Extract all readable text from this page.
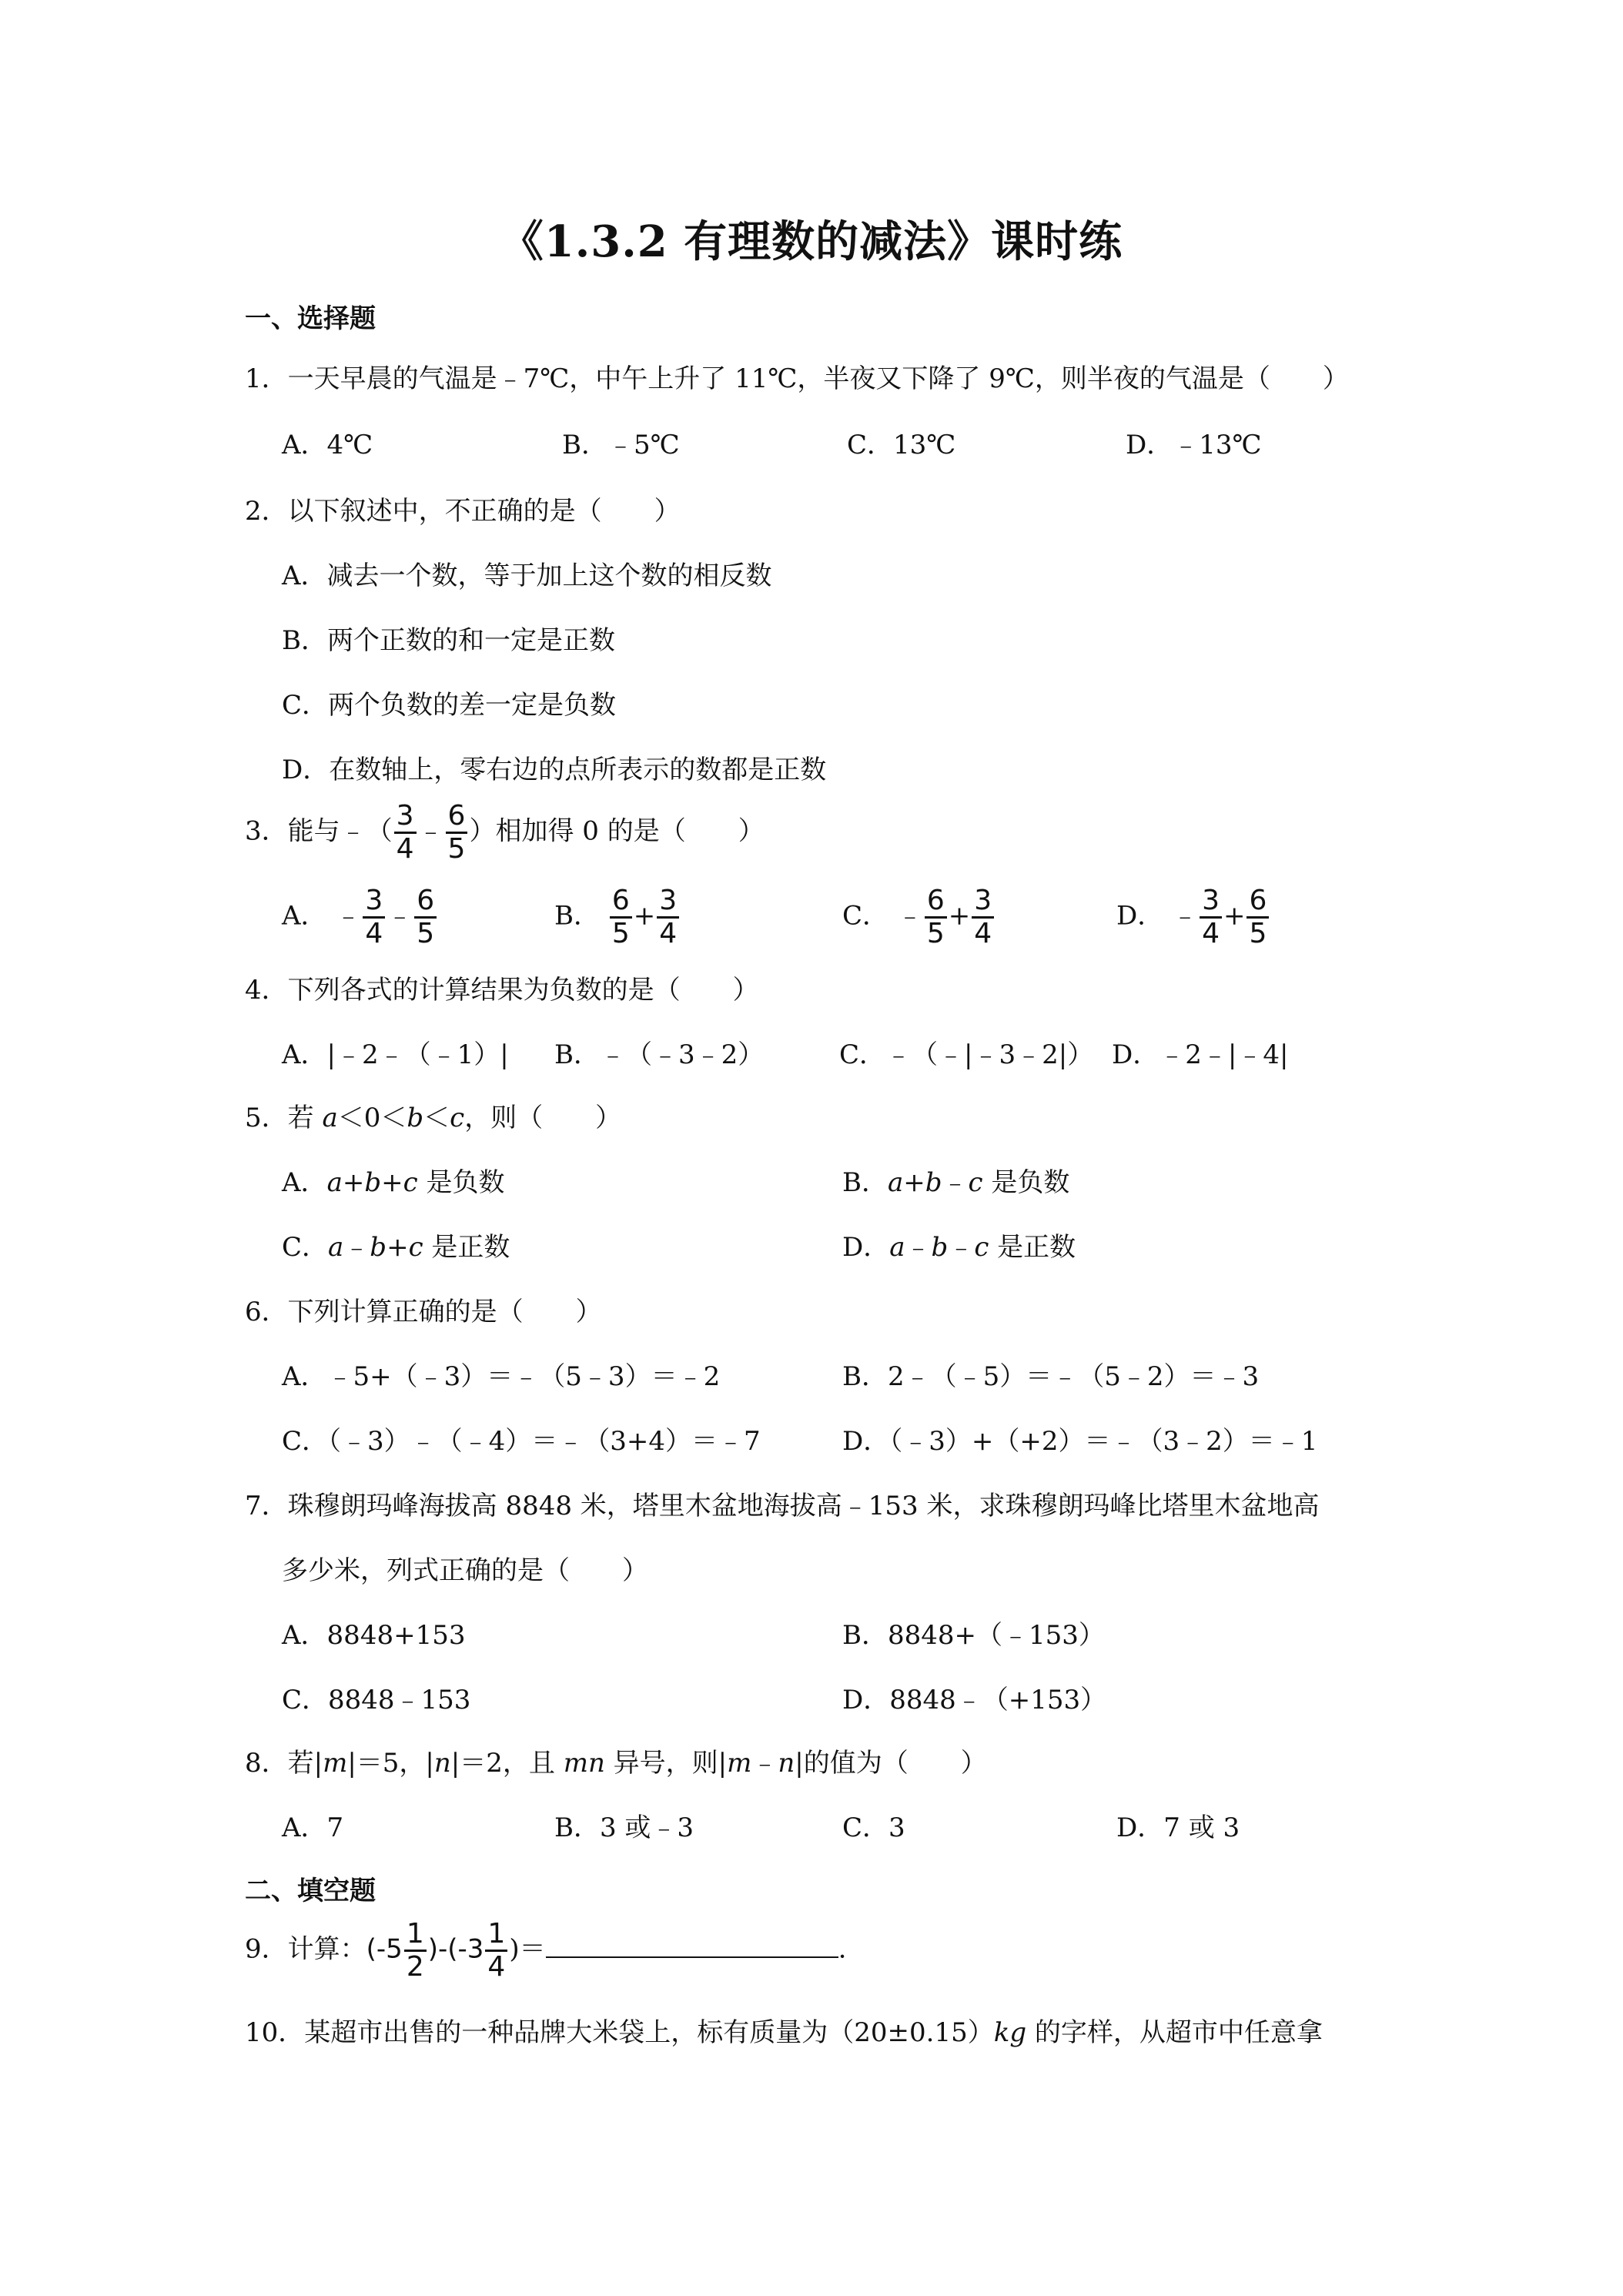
《1.3.2 有理数的减法》课时练
一、选择题
1．一天早晨的气温是﹣7℃，中午上升了 11℃，半夜又下降了 9℃，则半夜的气温是（　　）
A．4℃	B．﹣5℃	C．13℃	D．﹣13℃
2．以下叙述中，不正确的是（　　）
A．减去一个数，等于加上这个数的相反数
B．两个正数的和一定是正数
C．两个负数的差一定是负数
D．在数轴上，零右边的点所表示的数都是正数
3．能与﹣（ $\frac{3}{4}$ ﹣ $\frac{6}{5}$ ）相加得 0 的是（　　）
A． ﹣ $\frac{3}{4}$ ﹣ $\frac{6}{5}$	B． $\frac{6}{5} + \frac{3}{4}$	C． ﹣ $\frac{6}{5} + \frac{3}{4}$	D． ﹣ $\frac{3}{4} + \frac{6}{5}$
4．下列各式的计算结果为负数的是（　　）
A．|﹣2﹣（﹣1）| B．﹣（﹣3﹣2）	C．﹣（﹣|﹣3﹣2|） D．﹣2﹣|﹣4|
5．若 a＜0＜b＜c，则（　　）
A．a+b+c 是负数	B．a+b﹣c 是负数
C．a﹣b+c 是正数	D．a﹣b﹣c 是正数
6．下列计算正确的是（　　）
A．﹣5+（﹣3）＝﹣（5﹣3）＝﹣2	B．2﹣（﹣5）＝﹣（5﹣2）＝﹣3
C．（﹣3）﹣（﹣4）＝﹣（3+4）＝﹣7	D．（﹣3）+（+2）＝﹣（3﹣2）＝﹣1
7．珠穆朗玛峰海拔高 8848 米，塔里木盆地海拔高﹣153 米，求珠穆朗玛峰比塔里木盆地高
多少米，列式正确的是（　　）
A．8848+153	B．8848+（﹣153）
C．8848﹣153	D．8848﹣（+153）
8．若|m|＝5，|n|＝2，且 mn 异号，则|m﹣n|的值为（　　）
A．7	B．3 或﹣3	C．3	D．7 或 3
二、填空题
9．计算：$(-5 \frac{1}{2} )-(-3 \frac{1}{4}$ )＝	.
10．某超市出售的一种品牌大米袋上，标有质量为（20±0.15）kg 的字样，从超市中任意拿
